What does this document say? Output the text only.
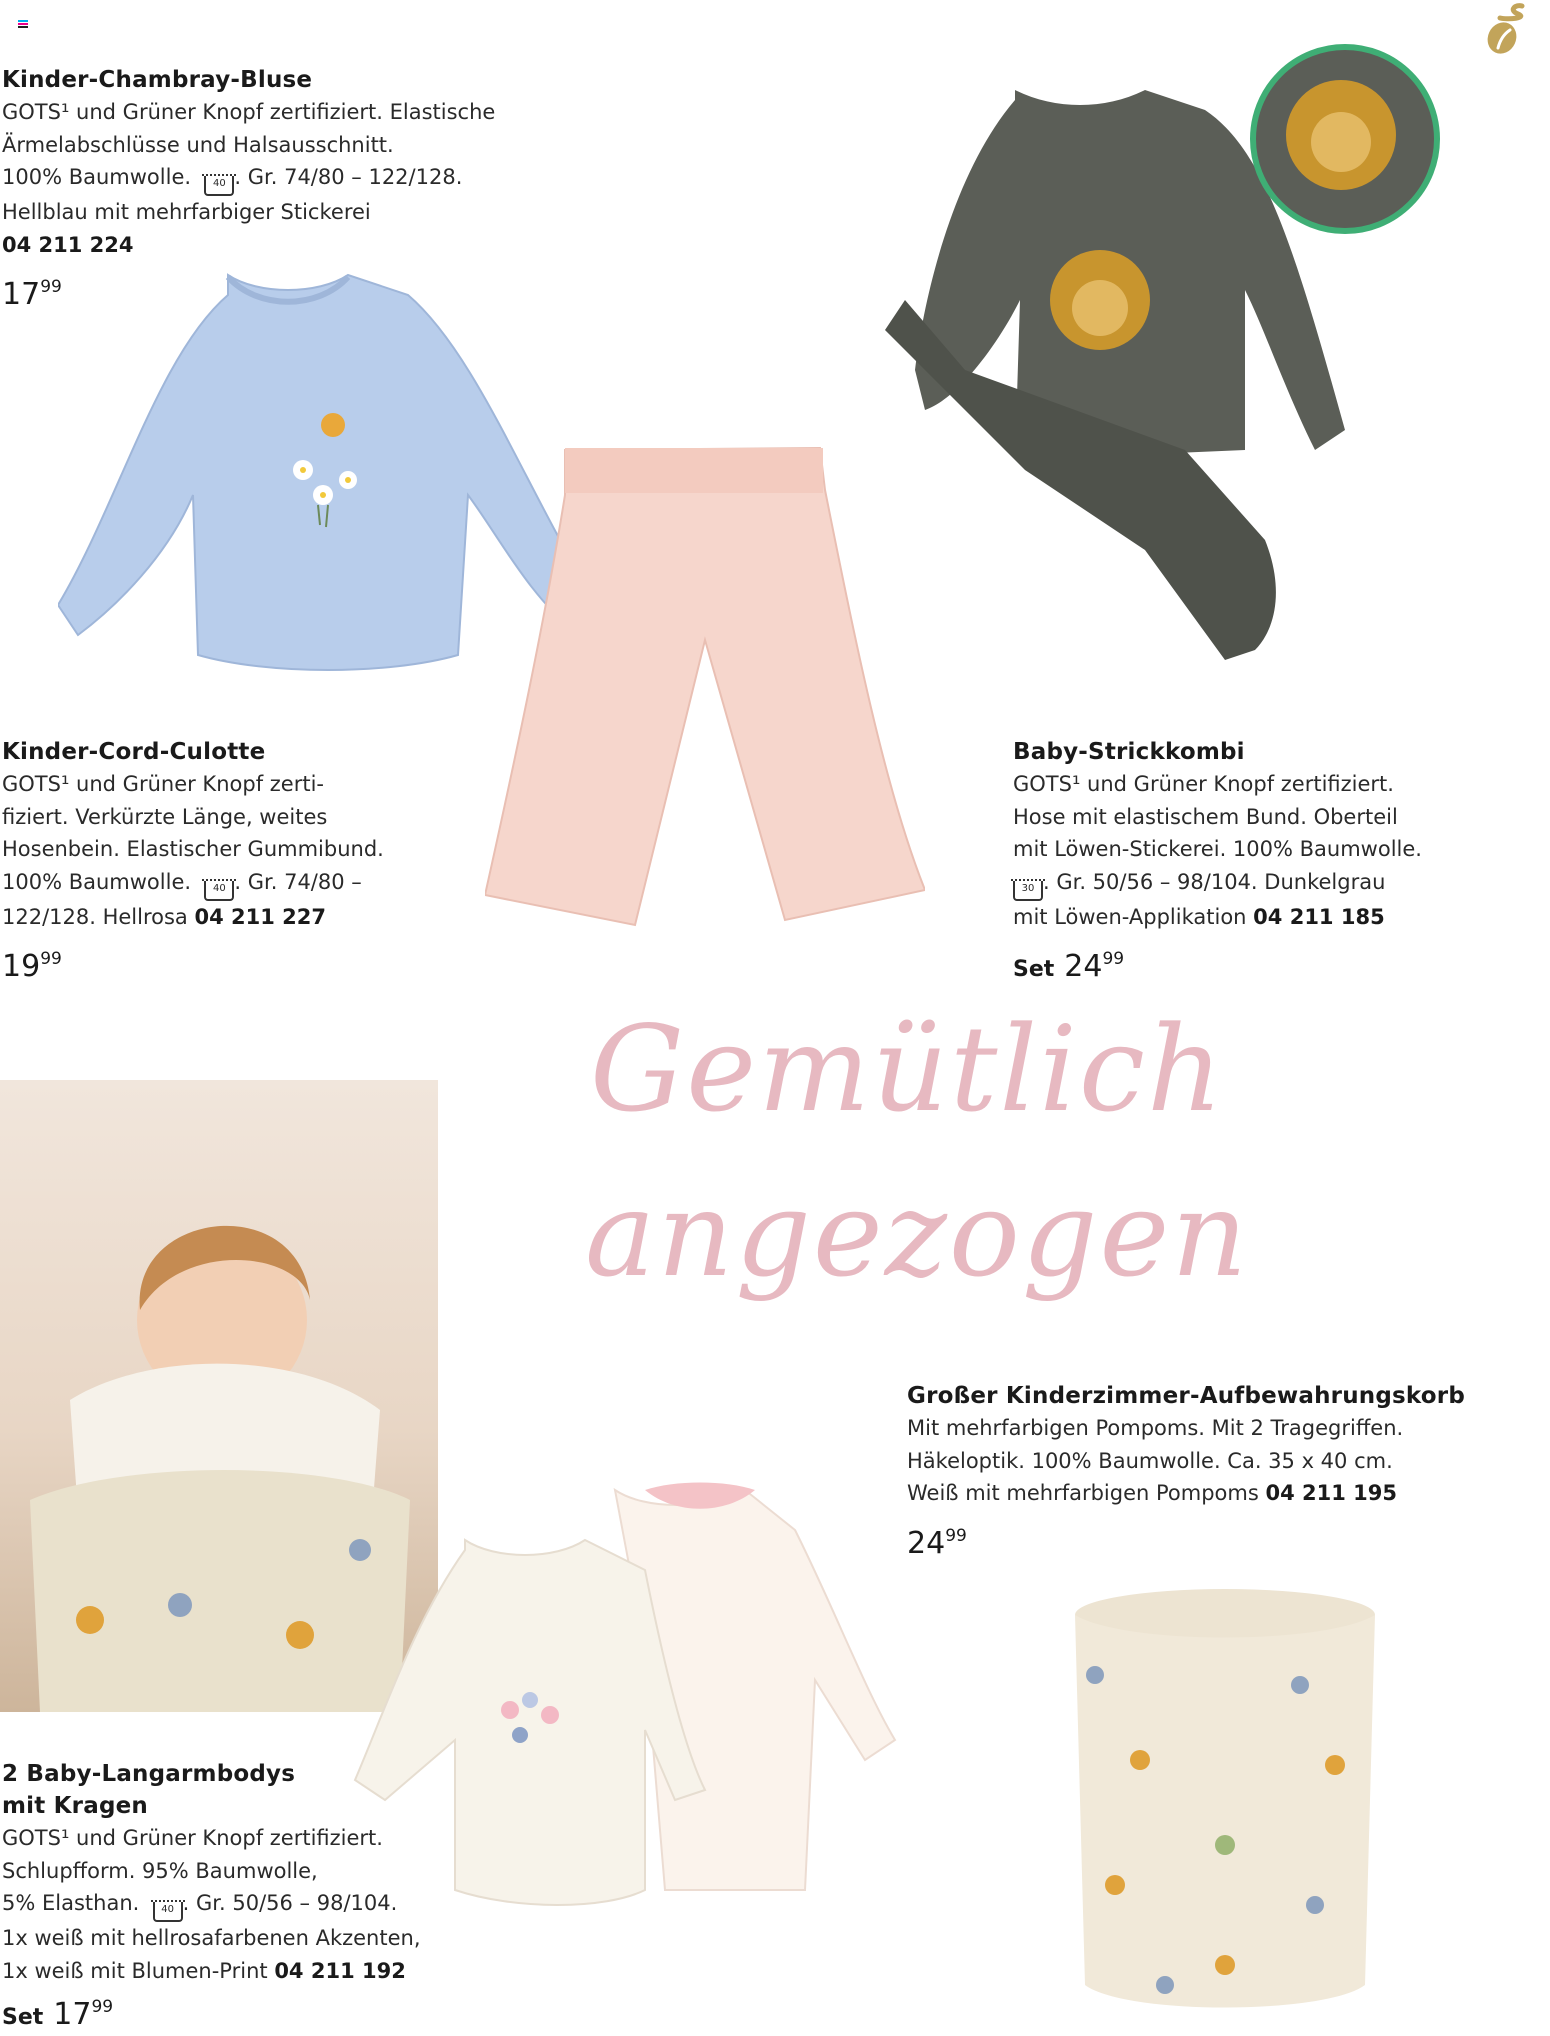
Kinder-Chambray-Bluse
GOTS¹ und Grüner Knopf zertifiziert. Elastische
Ärmelabschlüsse und Halsausschnitt.
100% Baumwolle. 40 . Gr. 74/80 – 122/128.
Hellblau mit mehrfarbiger Stickerei
04 211 224
$17^{99}$
Kinder-Cord-Culotte
GOTS¹ und Grüner Knopf zerti-
fiziert. Verkürzte Länge, weites
Hosenbein. Elastischer Gummibund.
100% Baumwolle. 40 . Gr. 74/80 –
122/128. Hellrosa 04 211 227
$19^{99}$
Baby-Strickkombi
GOTS¹ und Grüner Knopf zertifiziert.
Hose mit elastischem Bund. Oberteil
mit Löwen-Stickerei. 100% Baumwolle.
30 . Gr. 50/56 – 98/104. Dunkelgrau
mit Löwen-Applikation 04 211 185
Set $24^{99}$
Gemütlich
angezogen
Großer Kinderzimmer-Aufbewahrungskorb
Mit mehrfarbigen Pompoms. Mit 2 Tragegriffen.
Häkeloptik. 100% Baumwolle. Ca. 35 x 40 cm.
Weiß mit mehrfarbigen Pompoms 04 211 195
$24^{99}$
2 Baby-Langarmbodys
mit Kragen
GOTS¹ und Grüner Knopf zertifiziert.
Schlupfform. 95% Baumwolle,
5% Elasthan. 40 . Gr. 50/56 – 98/104.
1x weiß mit hellrosafarbenen Akzenten,
1x weiß mit Blumen-Print 04 211 192
Set $17^{99}$
